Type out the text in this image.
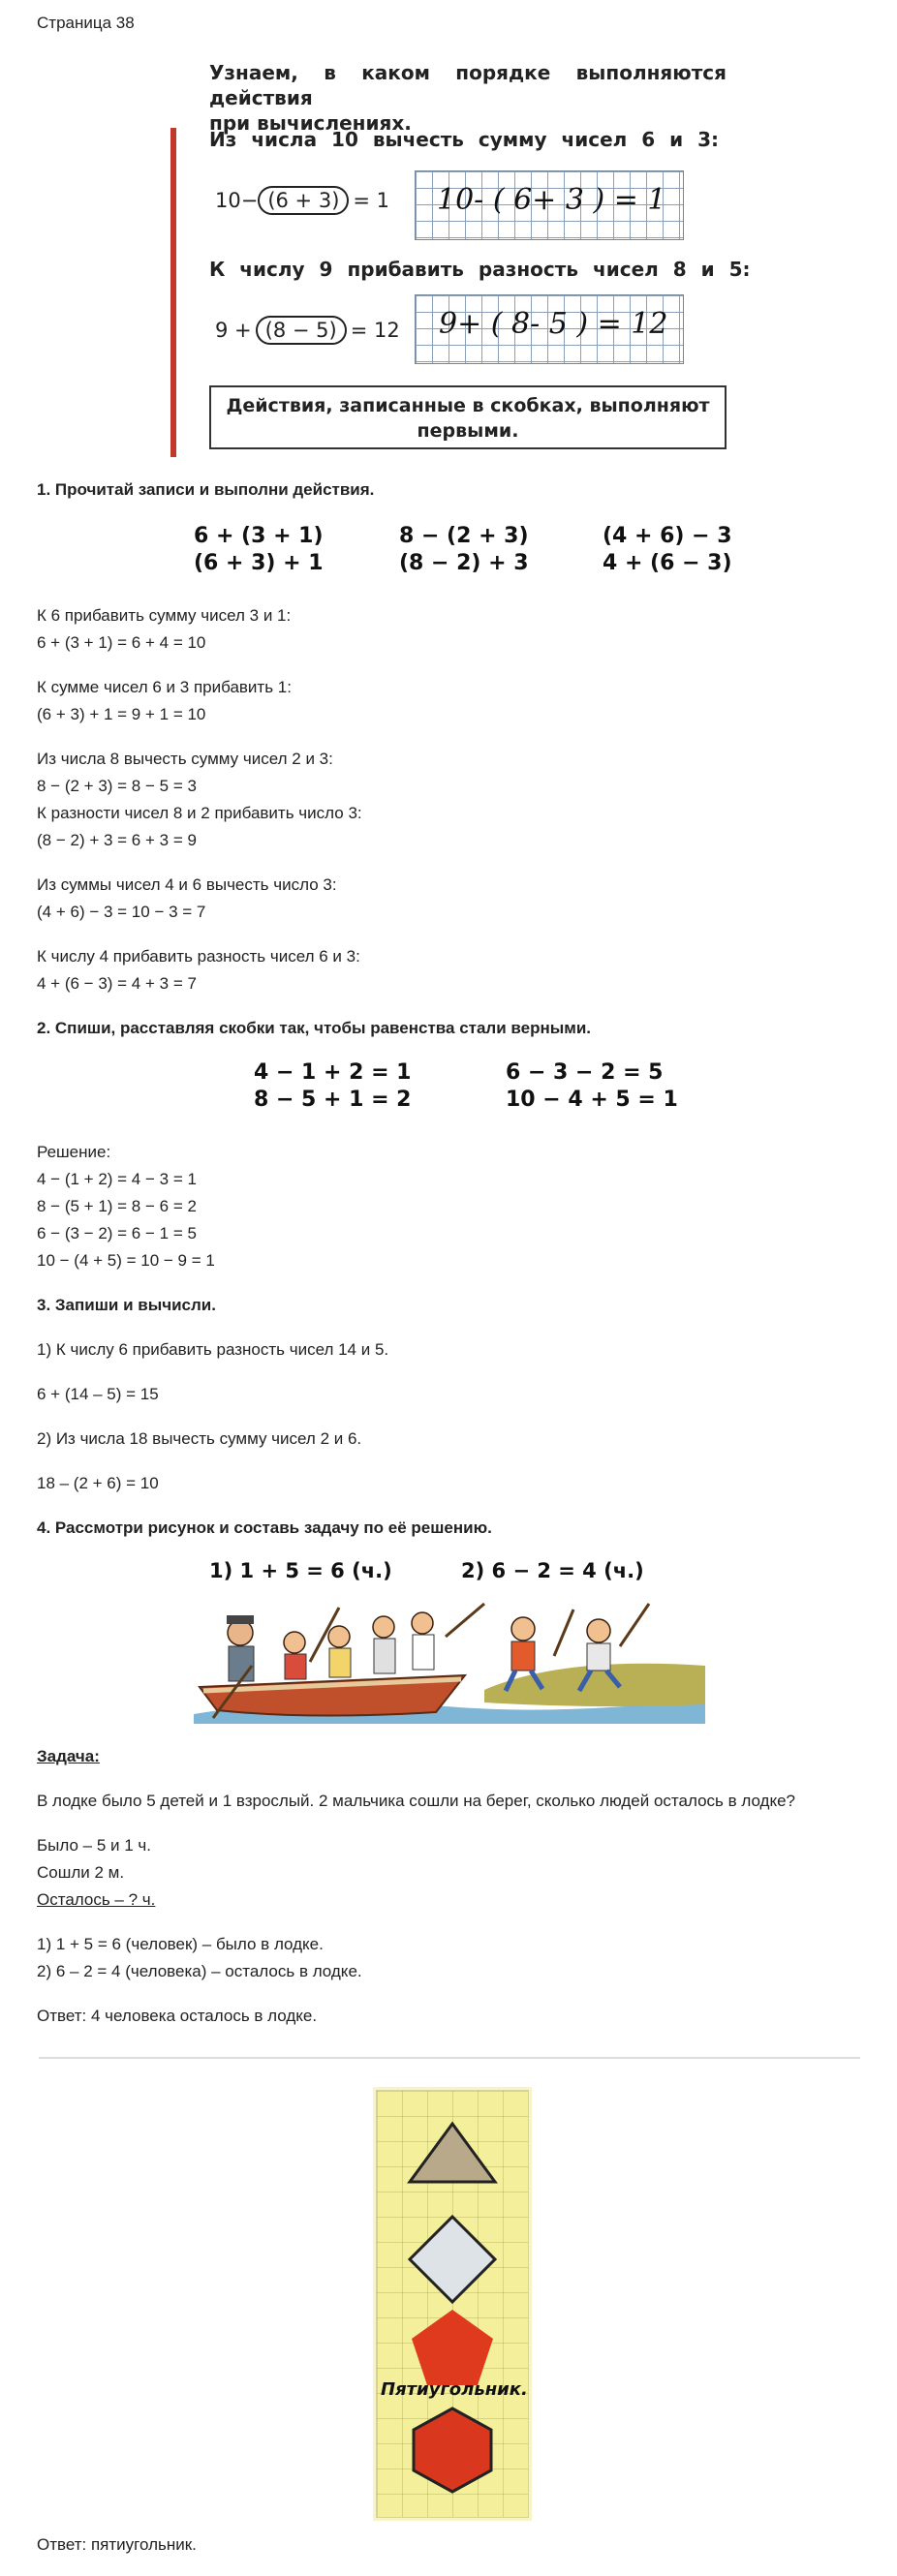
Страница 38
Узнаем, в каком порядке выполняются действия
при вычислениях.
Из числа 10 вычесть сумму чисел 6 и 3:
10− (6 + 3) = 1 10- ( 6+ 3 ) = 1
К числу 9 прибавить разность чисел 8 и 5:
9 + (8 − 5) = 12 9+ ( 8- 5 ) = 12
Действия, записанные в скобках, выполняют
первыми.
1. Прочитай записи и выполни действия.
6 + (3 + 1)
(6 + 3) + 1
8 − (2 + 3)
(8 − 2) + 3
(4 + 6) − 3
4 + (6 − 3)
К 6 прибавить сумму чисел 3 и 1:
6 + (3 + 1) = 6 + 4 = 10
К сумме чисел 6 и 3 прибавить 1:
(6 + 3) + 1 = 9 + 1 = 10
Из числа 8 вычесть сумму чисел 2 и 3:
8 − (2 + 3) = 8 − 5 = 3
К разности чисел 8 и 2 прибавить число 3:
(8 − 2) + 3 = 6 + 3 = 9
Из суммы чисел 4 и 6 вычесть число 3:
(4 + 6) − 3 = 10 − 3 = 7
К числу 4 прибавить разность чисел 6 и 3:
4 + (6 − 3) = 4 + 3 = 7
2. Спиши, расставляя скобки так, чтобы равенства стали верными.
4 − 1 + 2 = 1
8 − 5 + 1 = 2
6 − 3 − 2 = 5
10 − 4 + 5 = 1
Решение:
4 − (1 + 2) = 4 − 3 = 1
8 − (5 + 1) = 8 − 6 = 2
6 − (3 − 2) = 6 − 1 = 5
10 − (4 + 5) = 10 − 9 = 1
3. Запиши и вычисли.
1) К числу 6 прибавить разность чисел 14 и 5.
6 + (14 – 5) = 15
2) Из числа 18 вычесть сумму чисел 2 и 6.
18 – (2 + 6) = 10
4. Рассмотри рисунок и составь задачу по её решению.
1) 1 + 5 = 6 (ч.)	2) 6 − 2 = 4 (ч.)
Задача:
В лодке было 5 детей и 1 взрослый. 2 мальчика сошли на берег, сколько людей осталось в лодке?
Было – 5 и 1 ч.
Сошли 2 м.
Осталось – ? ч.
1) 1 + 5 = 6 (человек) – было в лодке.
2) 6 – 2 = 4 (человека) – осталось в лодке.
Ответ: 4 человека осталось в лодке.
Пятиугольник.
Ответ: пятиугольник.
